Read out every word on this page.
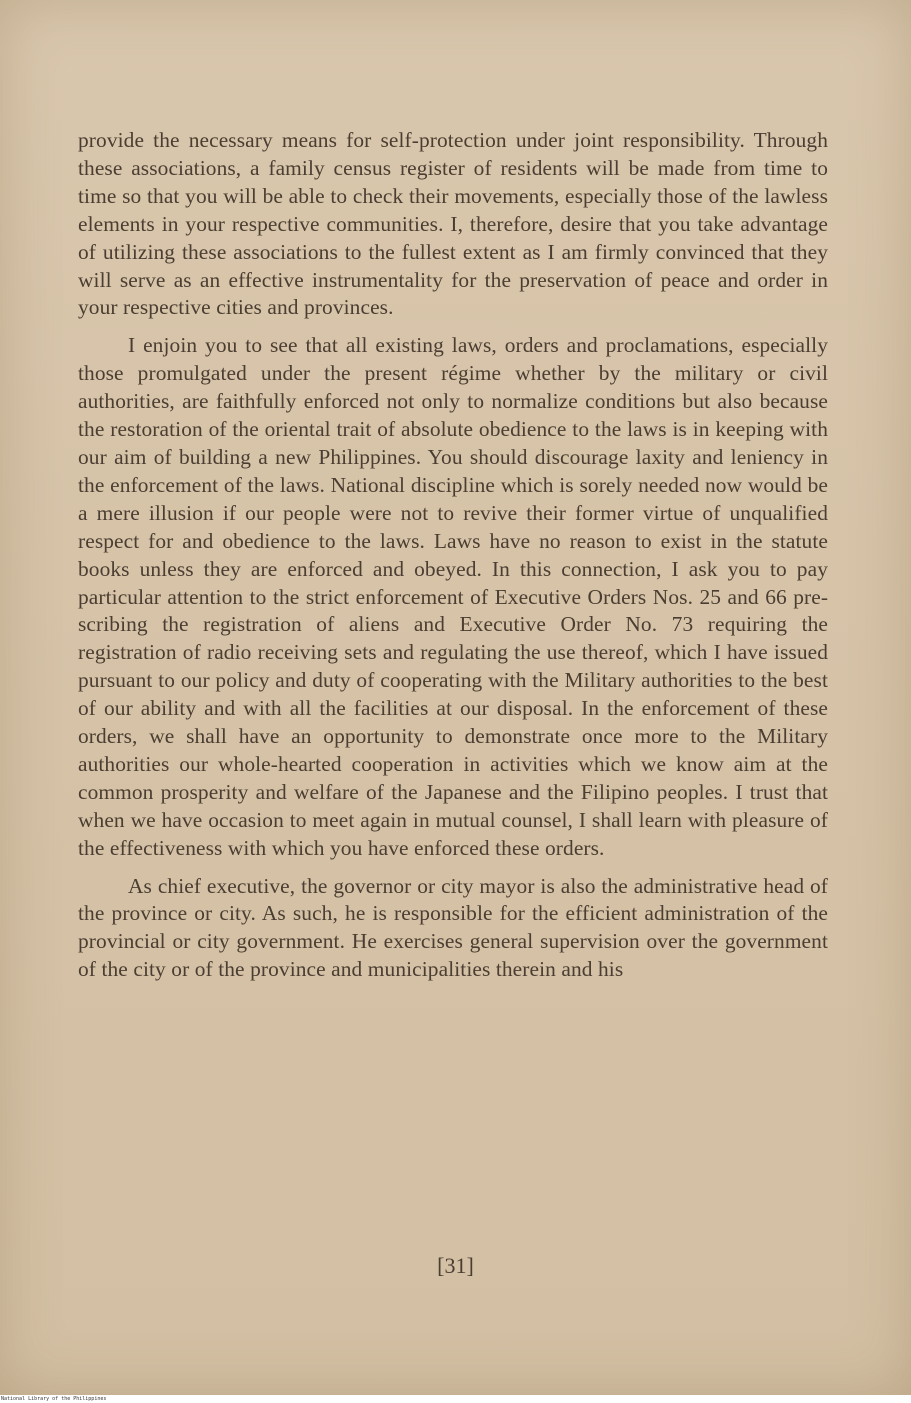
provide the necessary means for self-protection under joint responsibility. Through these associations, a family census register of residents will be made from time to time so that you will be able to check their movements, especially those of the lawless elements in your respective communities. I, therefore, desire that you take advantage of utilizing these associations to the fullest extent as I am firmly convinced that they will serve as an effective instrumentality for the preservation of peace and order in your respective cities and provinces.

I enjoin you to see that all existing laws, orders and proclamations, especially those promulgated under the present régime whether by the military or civil authorities, are faithfully enforced not only to normalize conditions but also because the restoration of the oriental trait of absolute obedience to the laws is in keeping with our aim of building a new Philippines. You should discourage laxity and leniency in the enforcement of the laws. National discipline which is sorely needed now would be a mere illusion if our people were not to revive their former virtue of unqualified respect for and obedience to the laws. Laws have no reason to exist in the statute books unless they are enforced and obeyed. In this connection, I ask you to pay particular attention to the strict enforcement of Executive Orders Nos. 25 and 66 prescribing the registration of aliens and Executive Order No. 73 requiring the registration of radio receiving sets and regulating the use thereof, which I have issued pursuant to our policy and duty of cooperating with the Military authorities to the best of our ability and with all the facilities at our disposal. In the enforcement of these orders, we shall have an opportunity to demonstrate once more to the Military authorities our whole-hearted cooperation in activities which we know aim at the common prosperity and welfare of the Japanese and the Filipino peoples. I trust that when we have occasion to meet again in mutual counsel, I shall learn with pleasure of the effectiveness with which you have enforced these orders.

As chief executive, the governor or city mayor is also the administrative head of the province or city. As such, he is responsible for the efficient administration of the provincial or city government. He exercises general supervision over the government of the city or of the province and municipalities therein and his

[31]
National Library of the Philippines
